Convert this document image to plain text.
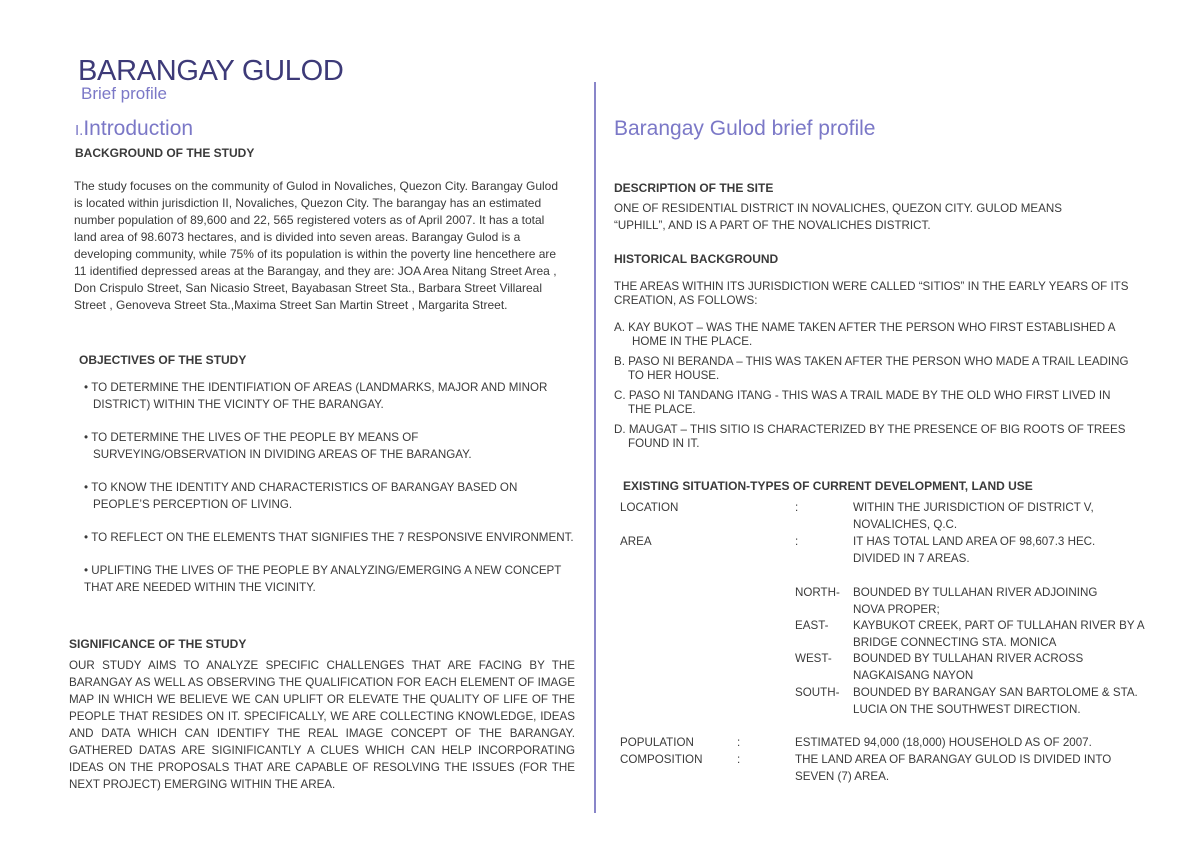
BARANGAY GULOD
Brief profile
I.Introduction
BACKGROUND OF THE STUDY
The study focuses on the community of Gulod in Novaliches, Quezon City. Barangay Gulod is located within jurisdiction II, Novaliches, Quezon City. The barangay has an estimated number population of 89,600 and 22, 565 registered voters as of April 2007. It has a total land area of 98.6073 hectares, and is divided into seven areas. Barangay Gulod is a developing community, while 75% of its population is within the poverty line hencethere are 11 identified depressed areas at the Barangay, and they are: JOA Area Nitang Street Area , Don Crispulo Street, San Nicasio Street, Bayabasan Street Sta., Barbara Street Villareal Street , Genoveva Street Sta.,Maxima Street San Martin Street , Margarita Street.
OBJECTIVES OF THE STUDY
• TO DETERMINE THE IDENTIFIATION OF AREAS (LANDMARKS, MAJOR AND MINOR DISTRICT) WITHIN THE VICINTY OF THE BARANGAY.
• TO DETERMINE THE LIVES OF THE PEOPLE BY MEANS OF SURVEYING/OBSERVATION IN DIVIDING AREAS OF THE BARANGAY.
• TO KNOW THE IDENTITY AND CHARACTERISTICS OF BARANGAY BASED ON PEOPLE’S PERCEPTION OF LIVING.
• TO REFLECT ON THE ELEMENTS THAT SIGNIFIES THE 7 RESPONSIVE ENVIRONMENT.
• UPLIFTING THE LIVES OF THE PEOPLE BY ANALYZING/EMERGING A NEW CONCEPT THAT ARE NEEDED WITHIN THE VICINITY.
SIGNIFICANCE OF THE STUDY
OUR STUDY AIMS TO ANALYZE SPECIFIC CHALLENGES THAT ARE FACING BY THE BARANGAY AS WELL AS OBSERVING THE QUALIFICATION FOR EACH ELEMENT OF IMAGE MAP IN WHICH WE BELIEVE WE CAN UPLIFT OR ELEVATE THE QUALITY OF LIFE OF THE PEOPLE THAT RESIDES ON IT. SPECIFICALLY, WE ARE COLLECTING KNOWLEDGE, IDEAS AND DATA WHICH CAN IDENTIFY THE REAL IMAGE CONCEPT OF THE BARANGAY. GATHERED DATAS ARE SIGINIFICANTLY A CLUES WHICH CAN HELP INCORPORATING IDEAS ON THE PROPOSALS THAT ARE CAPABLE OF RESOLVING THE ISSUES (FOR THE NEXT PROJECT) EMERGING WITHIN THE AREA.
Barangay Gulod brief profile
DESCRIPTION OF THE SITE
ONE OF RESIDENTIAL DISTRICT IN NOVALICHES, QUEZON CITY. GULOD MEANS “UPHILL”, AND IS A PART OF THE NOVALICHES DISTRICT.
HISTORICAL BACKGROUND
THE AREAS WITHIN ITS JURISDICTION WERE CALLED “SITIOS” IN THE EARLY YEARS OF ITS CREATION, AS FOLLOWS:
A. KAY BUKOT – WAS THE NAME TAKEN AFTER THE PERSON WHO FIRST ESTABLISHED A HOME IN THE PLACE.
B. PASO NI BERANDA – THIS WAS TAKEN AFTER THE PERSON WHO MADE A TRAIL LEADING TO HER HOUSE.
C. PASO NI TANDANG ITANG - THIS WAS A TRAIL MADE BY THE OLD WHO FIRST LIVED IN THE PLACE.
D. MAUGAT – THIS SITIO IS CHARACTERIZED BY THE PRESENCE OF BIG ROOTS OF TREES FOUND IN IT.
EXISTING SITUATION-TYPES OF CURRENT DEVELOPMENT, LAND USE
LOCATION	:	WITHIN THE JURISDICTION OF DISTRICT V, NOVALICHES, Q.C.
AREA	:	IT HAS TOTAL LAND AREA OF 98,607.3 HEC. DIVIDED IN 7 AREAS.
NORTH- BOUNDED BY TULLAHAN RIVER ADJOINING NOVA PROPER;
EAST- KAYBUKOT CREEK, PART OF TULLAHAN RIVER BY A BRIDGE CONNECTING STA. MONICA
WEST- BOUNDED BY TULLAHAN RIVER ACROSS NAGKAISANG NAYON
SOUTH- BOUNDED BY BARANGAY SAN BARTOLOME & STA. LUCIA ON THE SOUTHWEST DIRECTION.
POPULATION	:	ESTIMATED 94,000 (18,000) HOUSEHOLD AS OF 2007.
COMPOSITION	:	THE LAND AREA OF BARANGAY GULOD IS DIVIDED INTO SEVEN (7) AREA.
